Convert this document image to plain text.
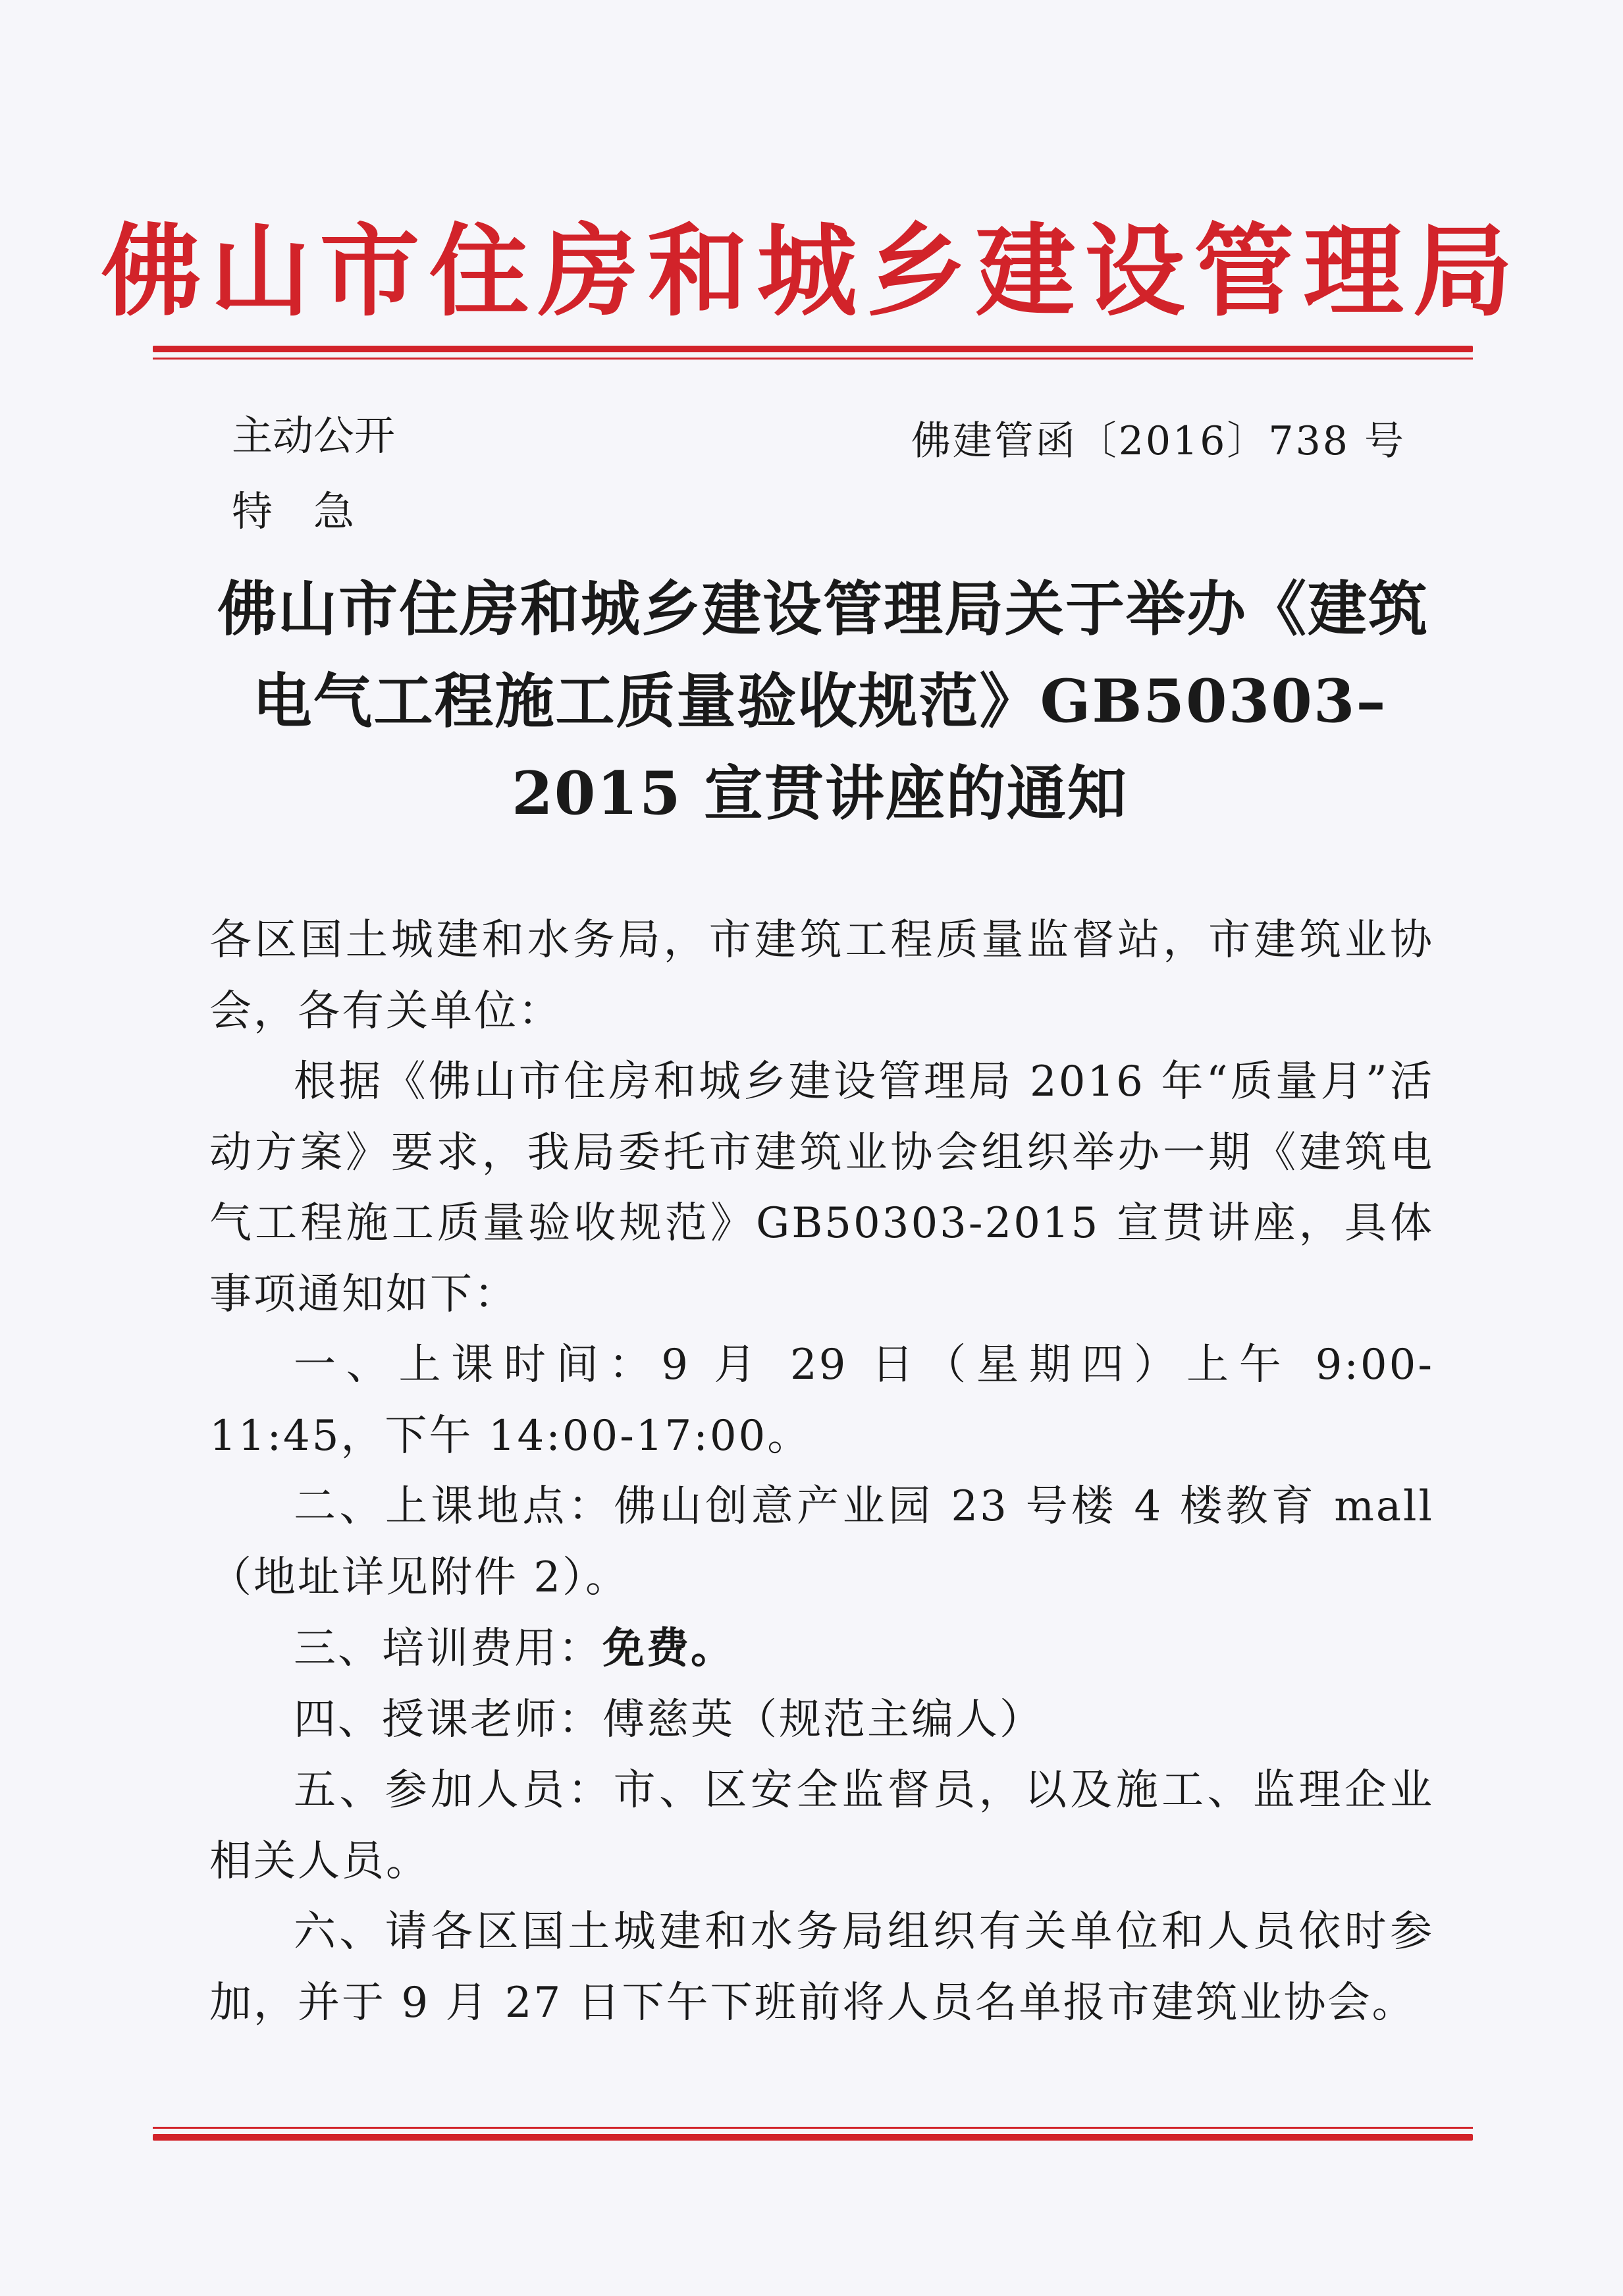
佛山市住房和城乡建设管理局
主动公开	佛建管函〔2016〕738 号
特　急
佛山市住房和城乡建设管理局关于举办《建筑
电气工程施工质量验收规范》GB50303–
2015 宣贯讲座的通知

各区国土城建和水务局，市建筑工程质量监督站，市建筑业协会，各有关单位：

根据《佛山市住房和城乡建设管理局 2016 年“质量月”活动方案》要求，我局委托市建筑业协会组织举办一期《建筑电气工程施工质量验收规范》GB50303-2015 宣贯讲座，具体事项通知如下：

一、上课时间：9 月 29 日（星期四）上午 9:00-11:45，下午 14:00-17:00。

二、上课地点：佛山创意产业园 23 号楼 4 楼教育 mall（地址详见附件 2）。

三、培训费用：免费。

四、授课老师：傅慈英（规范主编人）

五、参加人员：市、区安全监督员，以及施工、监理企业相关人员。

六、请各区国土城建和水务局组织有关单位和人员依时参加，并于 9 月 27 日下午下班前将人员名单报市建筑业协会。
